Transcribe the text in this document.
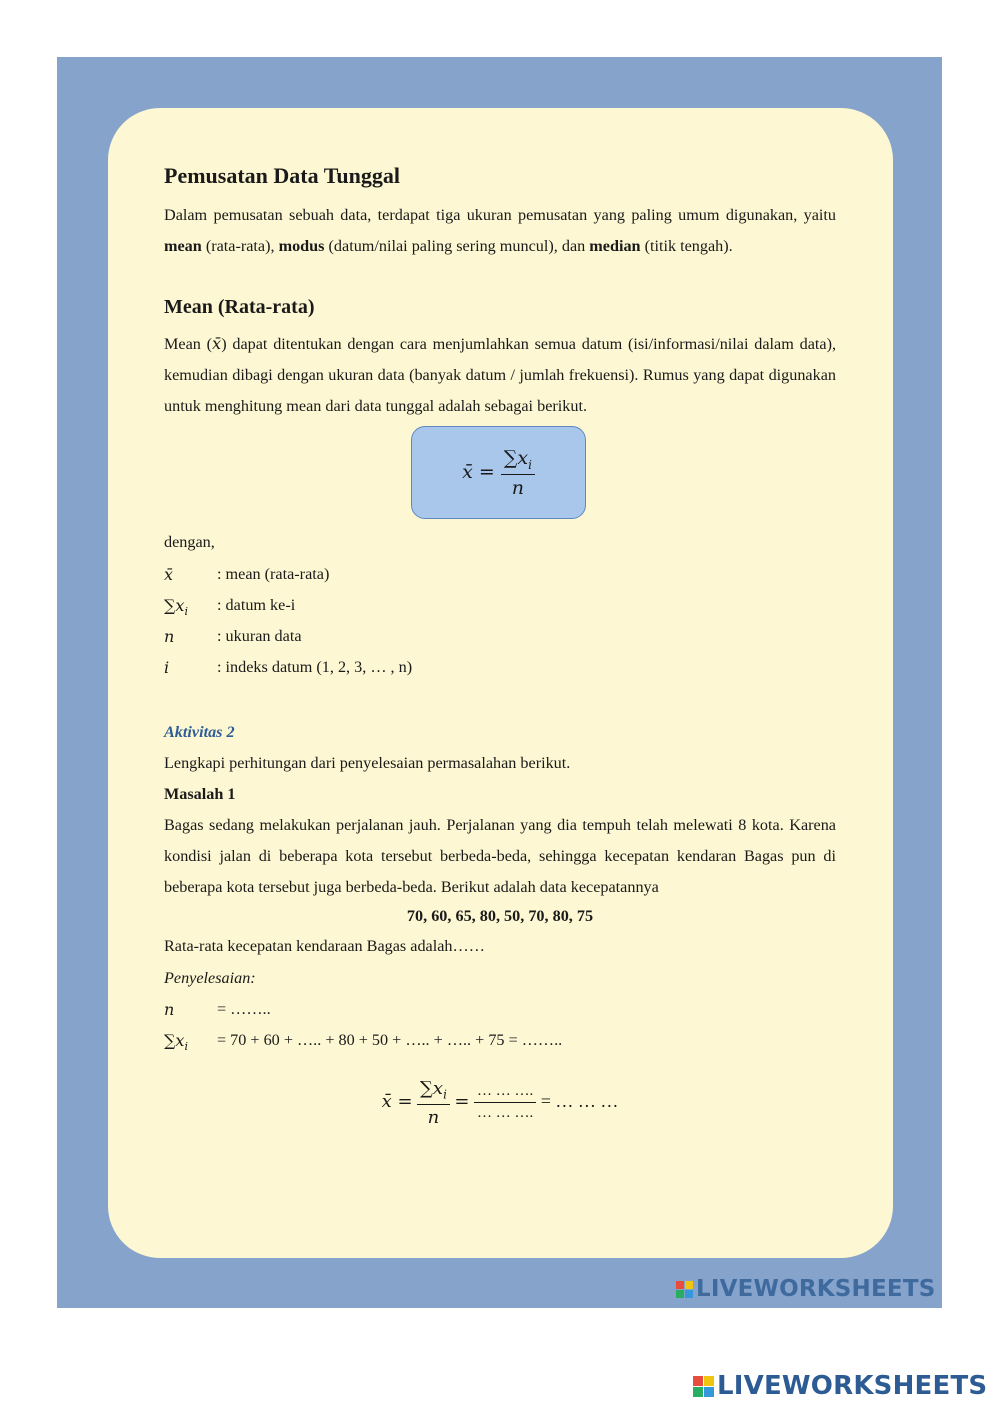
Pemusatan Data Tunggal

Dalam pemusatan sebuah data, terdapat tiga ukuran pemusatan yang paling umum digunakan, yaitu mean (rata-rata), modus (datum/nilai paling sering muncul), dan median (titik tengah).

Mean (Rata-rata)

Mean (x̄) dapat ditentukan dengan cara menjumlahkan semua datum (isi/informasi/nilai dalam data), kemudian dibagi dengan ukuran data (banyak datum / jumlah frekuensi). Rumus yang dapat digunakan untuk menghitung mean dari data tunggal adalah sebagai berikut.

x̄ = $\frac{\sum x_i}{n}$
dengan,
x̄	: mean (rata-rata)
$\sum x_i$ : datum ke-i
n	: ukuran data
i	: indeks datum (1, 2, 3, … , n)
Aktivitas 2
Lengkapi perhitungan dari penyelesaian permasalahan berikut.
Masalah 1

Bagas sedang melakukan perjalanan jauh. Perjalanan yang dia tempuh telah melewati 8 kota. Karena kondisi jalan di beberapa kota tersebut berbeda-beda, sehingga kecepatan kendaran Bagas pun di beberapa kota tersebut juga berbeda-beda. Berikut adalah data kecepatannya

70, 60, 65, 80, 50, 70, 80, 75
Rata-rata kecepatan kendaraan Bagas adalah……
Penyelesaian:
n	= ……..
$\sum x_i = 70 + 60$ + ….. + 80 + 50 + ….. + ….. + 75 = ……..
x̄ = $\frac{\sum x_i}{n} = \frac{\dots \dots \dots.}{\dots \dots \dots.}$ = … … …
LIVEWORKSHEETS
LIVEWORKSHEETS
